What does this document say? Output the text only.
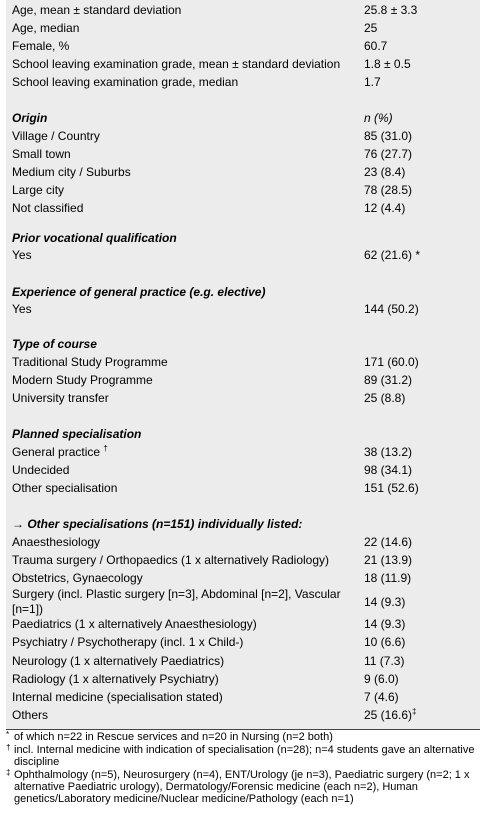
Age, mean ± standard deviation	25.8 ± 3.3
Age, median	25
Female, %	60.7
School leaving examination grade, mean ± standard deviation	1.8 ± 0.5
School leaving examination grade, median	1.7
Origin	n (%)
Village / Country	85 (31.0)
Small town	76 (27.7)
Medium city / Suburbs	23 (8.4)
Large city	78 (28.5)
Not classified	12 (4.4)
Prior vocational qualification
Yes	62 (21.6) *
Experience of general practice (e.g. elective)
Yes	144 (50.2)
Type of course
Traditional Study Programme	171 (60.0)
Modern Study Programme	89 (31.2)
University transfer	25 (8.8)
Planned specialisation
General practice †	38 (13.2)
Undecided	98 (34.1)
Other specialisation	151 (52.6)
→ Other specialisations (n=151) individually listed:
Anaesthesiology	22 (14.6)
Trauma surgery / Orthopaedics (1 x alternatively Radiology)	21 (13.9)
Obstetrics, Gynaecology	18 (11.9)
Surgery (incl. Plastic surgery [n=3], Abdominal [n=2], Vascular [n=1])	14 (9.3)
Paediatrics (1 x alternatively Anaesthesiology)	14 (9.3)
Psychiatry / Psychotherapy (incl. 1 x Child-)	10 (6.6)
Neurology (1 x alternatively Paediatrics)	11 (7.3)
Radiology (1 x alternatively Psychiatry)	9 (6.0)
Internal medicine (specialisation stated)	7 (4.6)
Others	25 (16.6)‡
* of which n=22 in Rescue services and n=20 in Nursing (n=2 both)
† incl. Internal medicine with indication of specialisation (n=28); n=4 students gave an alternative discipline
‡ Ophthalmology (n=5), Neurosurgery (n=4), ENT/Urology (je n=3), Paediatric surgery (n=2; 1 x alternative Paediatric urology), Dermatology/Forensic medicine (each n=2), Human genetics/Laboratory medicine/Nuclear medicine/Pathology (each n=1)
